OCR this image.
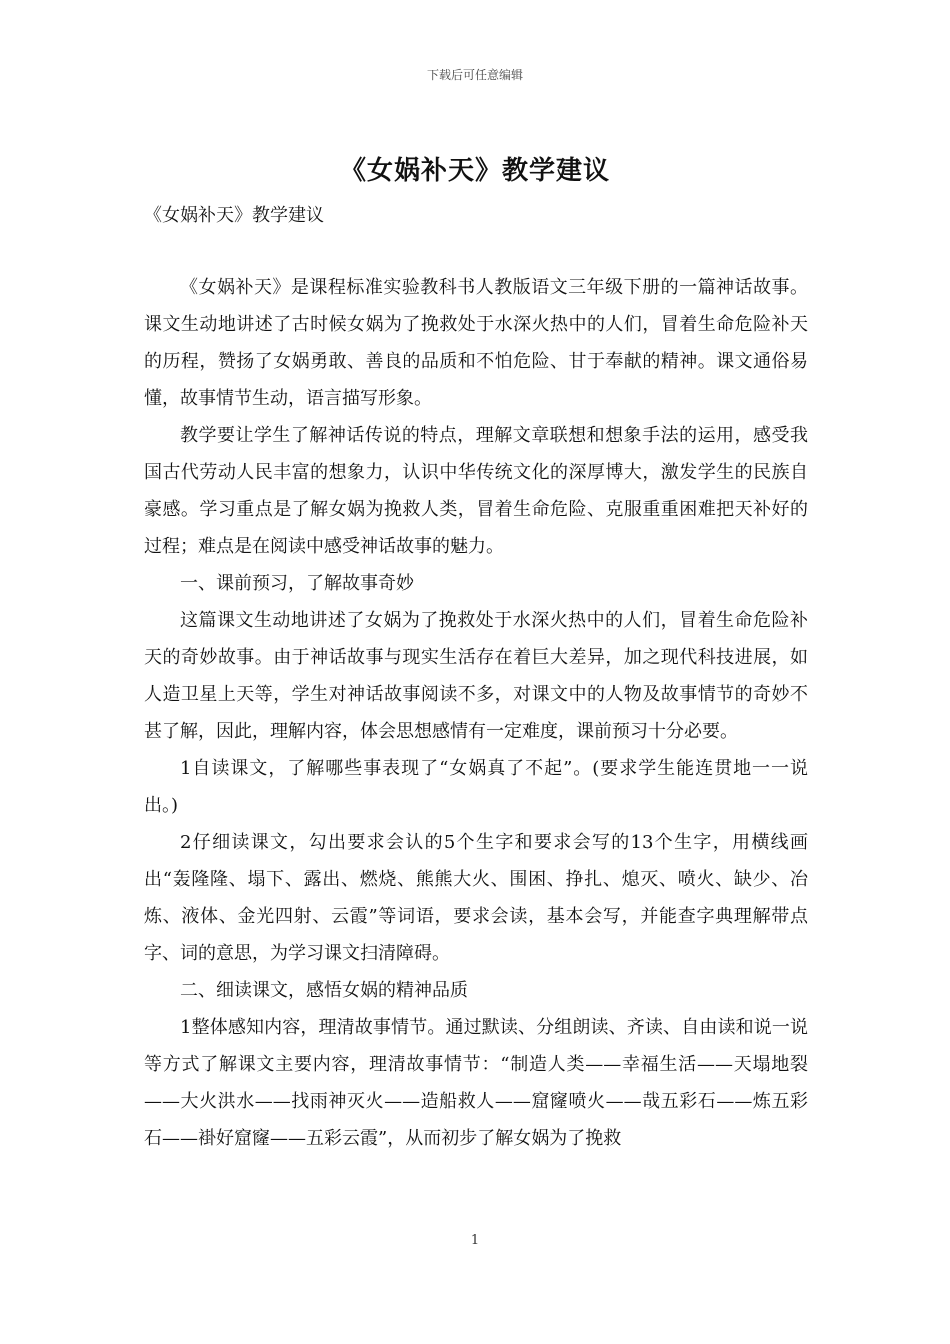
下载后可任意编辑
《女娲补天》教学建议
《女娲补天》教学建议

《女娲补天》是课程标准实验教科书人教版语文三年级下册的一篇神话故事。课文生动地讲述了古时候女娲为了挽救处于水深火热中的人们，冒着生命危险补天的历程，赞扬了女娲勇敢、善良的品质和不怕危险、甘于奉献的精神。课文通俗易懂，故事情节生动，语言描写形象。

教学要让学生了解神话传说的特点，理解文章联想和想象手法的运用，感受我国古代劳动人民丰富的想象力，认识中华传统文化的深厚博大，激发学生的民族自豪感。学习重点是了解女娲为挽救人类，冒着生命危险、克服重重困难把天补好的过程；难点是在阅读中感受神话故事的魅力。

一、课前预习，了解故事奇妙

这篇课文生动地讲述了女娲为了挽救处于水深火热中的人们，冒着生命危险补天的奇妙故事。由于神话故事与现实生活存在着巨大差异，加之现代科技进展，如人造卫星上天等，学生对神话故事阅读不多，对课文中的人物及故事情节的奇妙不甚了解，因此，理解内容，体会思想感情有一定难度，课前预习十分必要。

1自读课文，了解哪些事表现了“女娲真了不起”。(要求学生能连贯地一一说出。)

2仔细读课文，勾出要求会认的5个生字和要求会写的13个生字，用横线画出“轰隆隆、塌下、露出、燃烧、熊熊大火、围困、挣扎、熄灭、喷火、缺少、冶炼、液体、金光四射、云霞”等词语，要求会读，基本会写，并能查字典理解带点字、词的意思，为学习课文扫清障碍。

二、细读课文，感悟女娲的精神品质

1整体感知内容，理清故事情节。通过默读、分组朗读、齐读、自由读和说一说等方式了解课文主要内容，理清故事情节：“制造人类——幸福生活——天塌地裂——大火洪水——找雨神灭火——造船救人——窟窿喷火——哉五彩石——炼五彩石——褂好窟窿——五彩云霞”，从而初步了解女娲为了挽救

1
